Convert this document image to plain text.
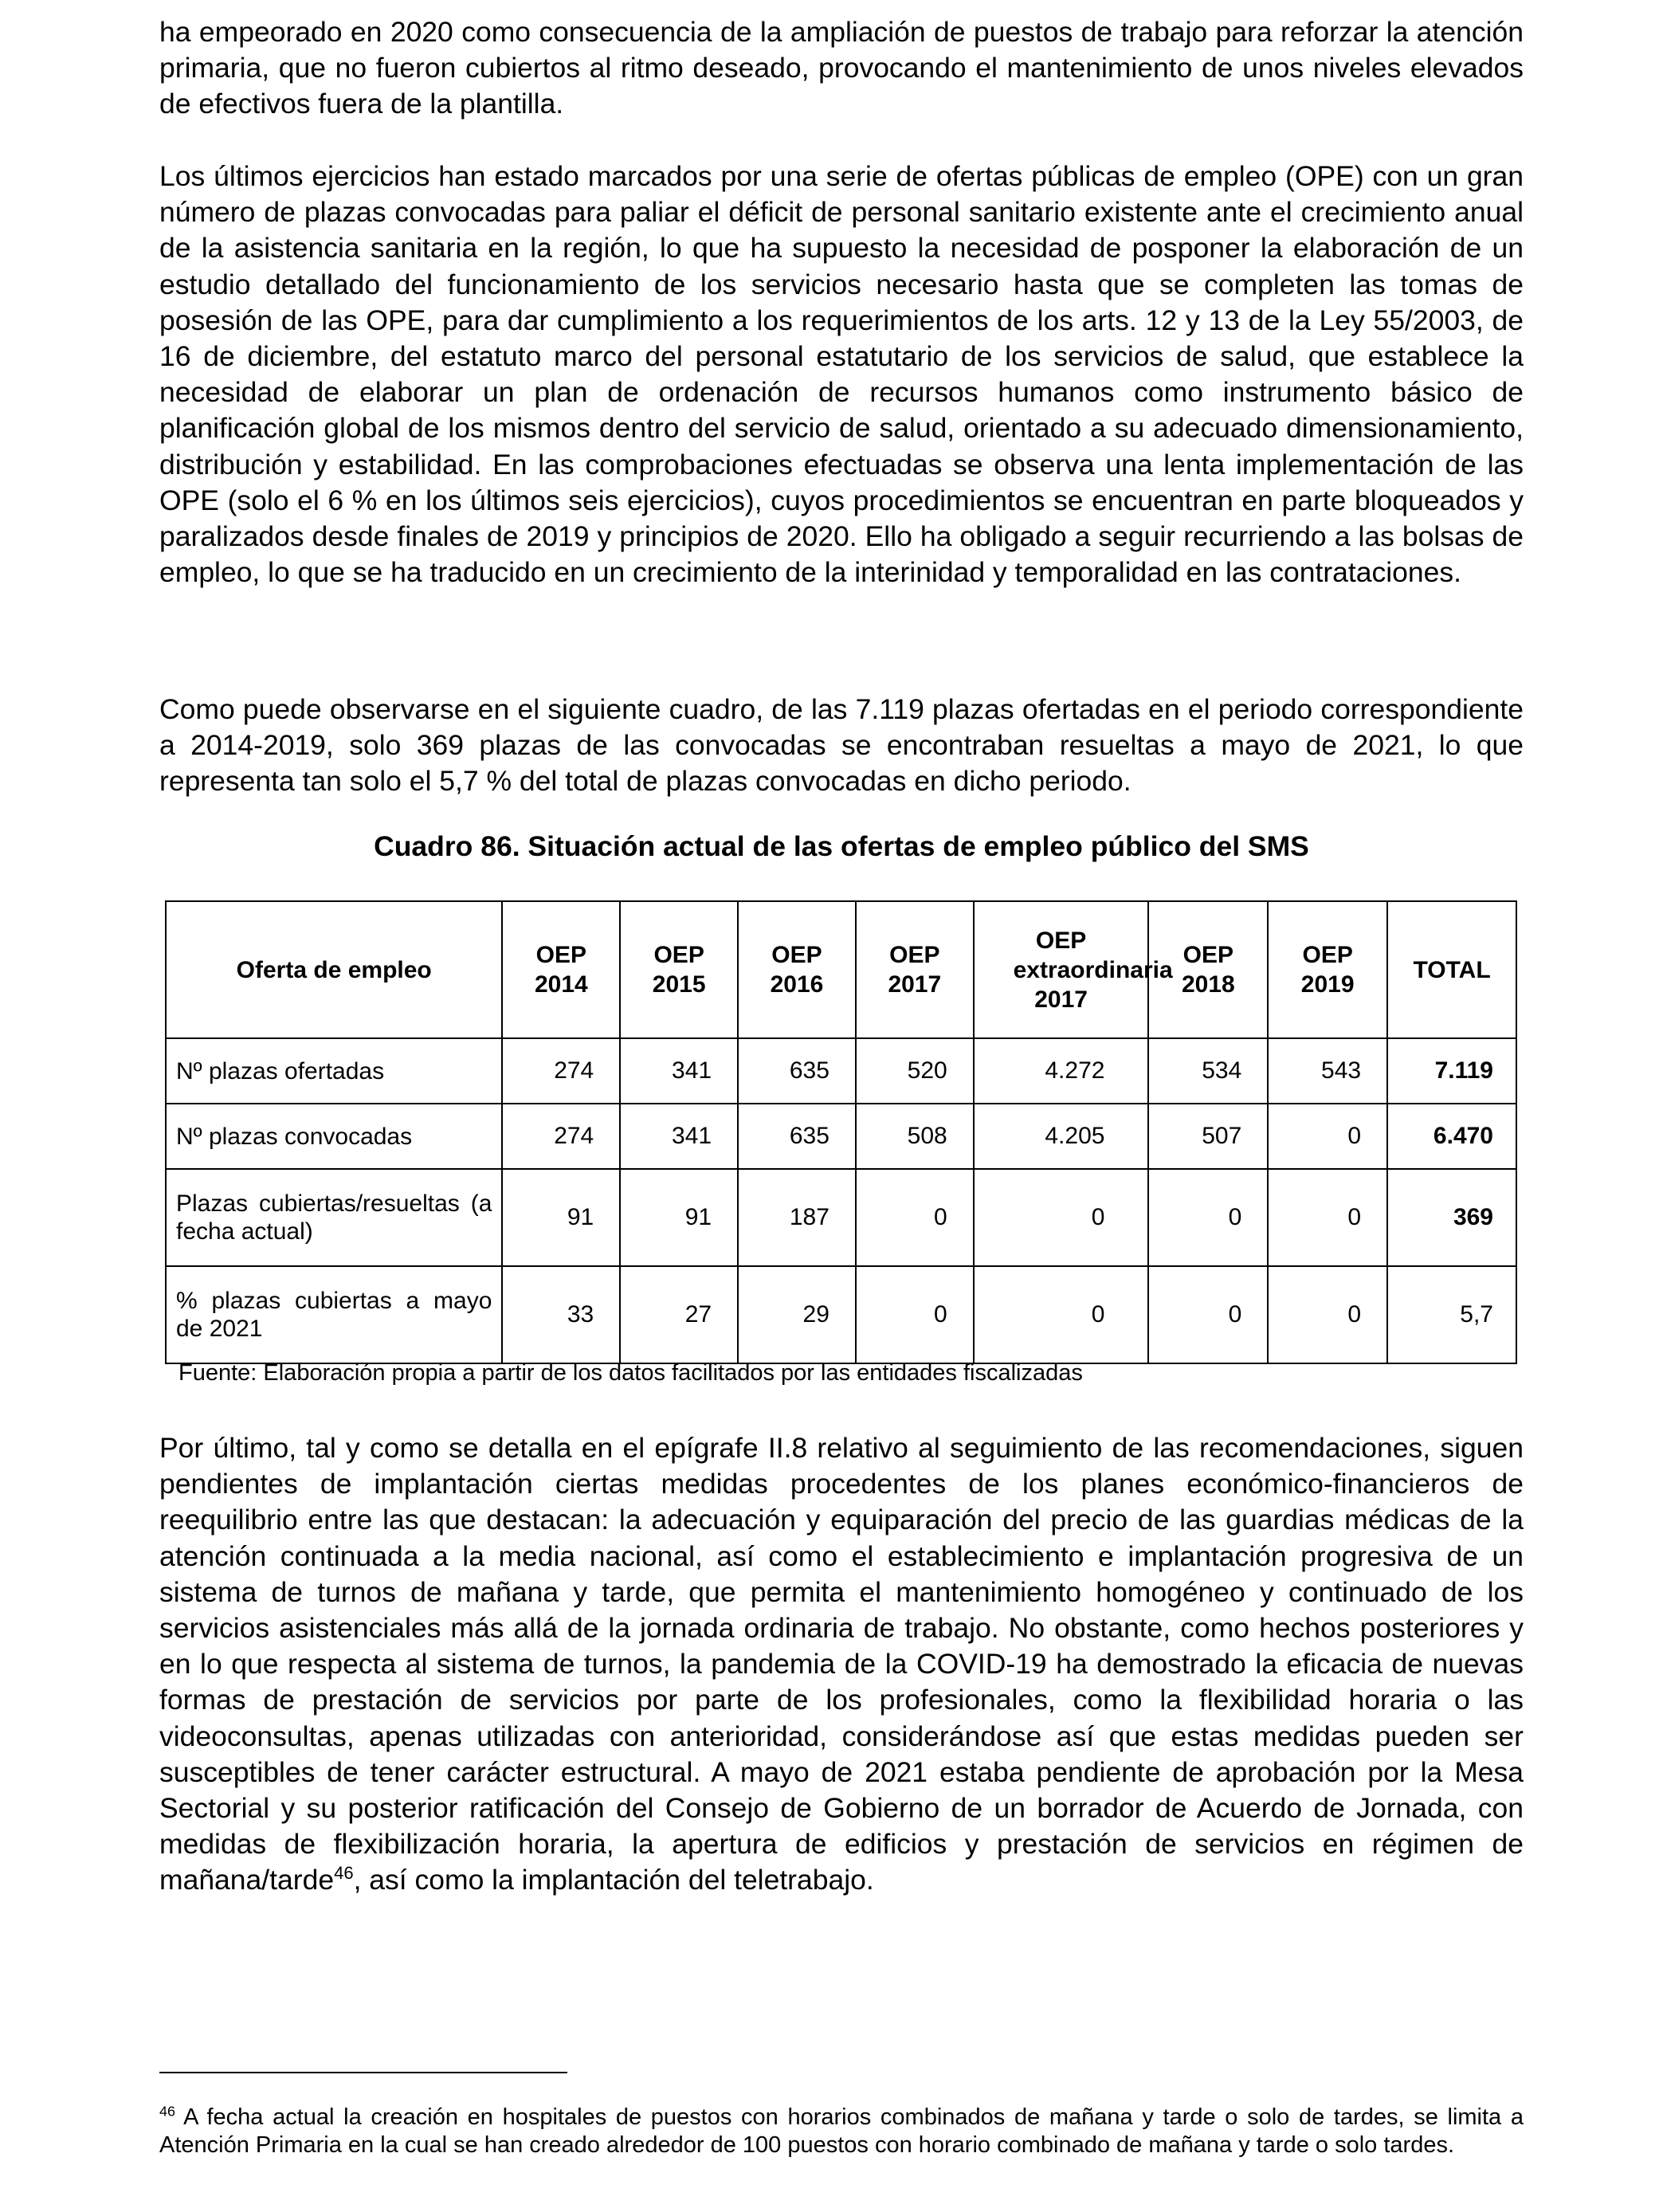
ha empeorado en 2020 como consecuencia de la ampliación de puestos de trabajo para reforzar la atención primaria, que no fueron cubiertos al ritmo deseado, provocando el mantenimiento de unos niveles elevados de efectivos fuera de la plantilla.

Los últimos ejercicios han estado marcados por una serie de ofertas públicas de empleo (OPE) con un gran número de plazas convocadas para paliar el déficit de personal sanitario existente ante el crecimiento anual de la asistencia sanitaria en la región, lo que ha supuesto la necesidad de posponer la elaboración de un estudio detallado del funcionamiento de los servicios necesario hasta que se completen las tomas de posesión de las OPE, para dar cumplimiento a los requerimientos de los arts. 12 y 13 de la Ley 55/2003, de 16 de diciembre, del estatuto marco del personal estatutario de los servicios de salud, que establece la necesidad de elaborar un plan de ordenación de recursos humanos como instrumento básico de planificación global de los mismos dentro del servicio de salud, orientado a su adecuado dimensionamiento, distribución y estabilidad. En las comprobaciones efectuadas se observa una lenta implementación de las OPE (solo el 6 % en los últimos seis ejercicios), cuyos procedimientos se encuentran en parte bloqueados y paralizados desde finales de 2019 y principios de 2020. Ello ha obligado a seguir recurriendo a las bolsas de empleo, lo que se ha traducido en un crecimiento de la interinidad y temporalidad en las contrataciones.

Como puede observarse en el siguiente cuadro, de las 7.119 plazas ofertadas en el periodo correspondiente a 2014-2019, solo 369 plazas de las convocadas se encontraban resueltas a mayo de 2021, lo que representa tan solo el 5,7 % del total de plazas convocadas en dicho periodo.

Cuadro 86. Situación actual de las ofertas de empleo público del SMS

Oferta de empleo	OEP 2014	OEP 2015	OEP 2016	OEP 2017	OEP extraordinaria 2017	OEP 2018	OEP 2019	TOTAL
Nº plazas ofertadas	274	341	635	520	4.272	534	543	7.119
Nº plazas convocadas	274	341	635	508	4.205	507	0	6.470
Plazas cubiertas/resueltas (a fecha actual)	91	91	187	0	0	0	0	369
% plazas cubiertas a mayo de 2021	33	27	29	0	0	0	0	5,7

Fuente: Elaboración propia a partir de los datos facilitados por las entidades fiscalizadas

Por último, tal y como se detalla en el epígrafe II.8 relativo al seguimiento de las recomendaciones, siguen pendientes de implantación ciertas medidas procedentes de los planes económico-financieros de reequilibrio entre las que destacan: la adecuación y equiparación del precio de las guardias médicas de la atención continuada a la media nacional, así como el establecimiento e implantación progresiva de un sistema de turnos de mañana y tarde, que permita el mantenimiento homogéneo y continuado de los servicios asistenciales más allá de la jornada ordinaria de trabajo. No obstante, como hechos posteriores y en lo que respecta al sistema de turnos, la pandemia de la COVID-19 ha demostrado la eficacia de nuevas formas de prestación de servicios por parte de los profesionales, como la flexibilidad horaria o las videoconsultas, apenas utilizadas con anterioridad, considerándose así que estas medidas pueden ser susceptibles de tener carácter estructural. A mayo de 2021 estaba pendiente de aprobación por la Mesa Sectorial y su posterior ratificación del Consejo de Gobierno de un borrador de Acuerdo de Jornada, con medidas de flexibilización horaria, la apertura de edificios y prestación de servicios en régimen de mañana/tarde$^{46}$, así como la implantación del teletrabajo.

$^{46}$ A fecha actual la creación en hospitales de puestos con horarios combinados de mañana y tarde o solo de tardes, se limita a Atención Primaria en la cual se han creado alrededor de 100 puestos con horario combinado de mañana y tarde o solo tardes.
